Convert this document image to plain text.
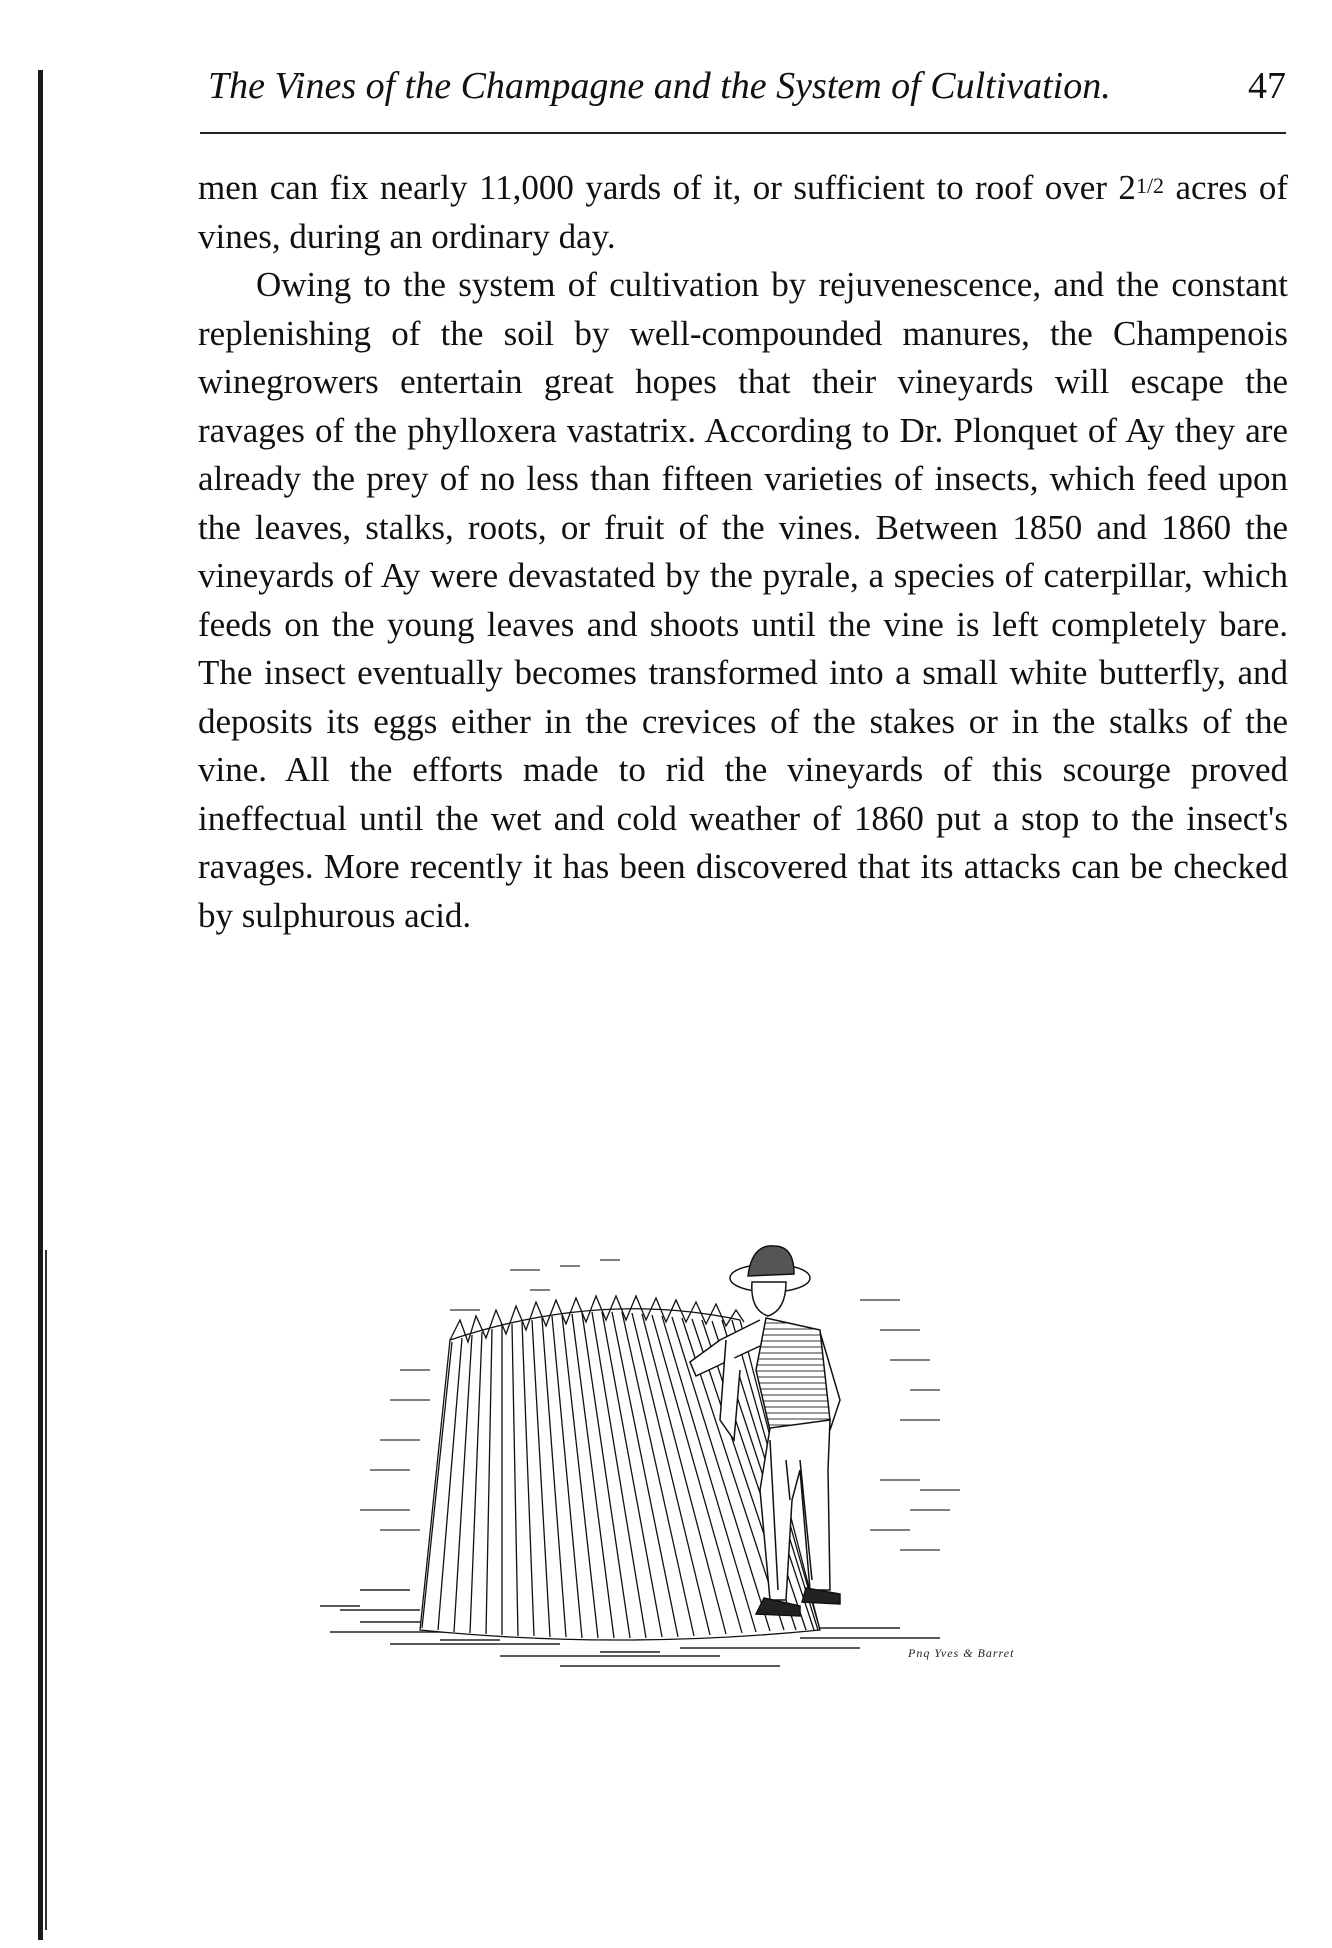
The Vines of the Champagne and the System of Cultivation.	47

men can fix nearly 11,000 yards of it, or sufficient to roof over 21/2 acres of vines, during an ordinary day.

Owing to the system of cultivation by rejuvenescence, and the constant replenishing of the soil by well-compounded manures, the Champenois winegrowers entertain great hopes that their vineyards will escape the ravages of the phylloxera vastatrix. According to Dr. Plonquet of Ay they are already the prey of no less than fifteen varieties of insects, which feed upon the leaves, stalks, roots, or fruit of the vines. Between 1850 and 1860 the vineyards of Ay were devastated by the pyrale, a species of caterpillar, which feeds on the young leaves and shoots until the vine is left completely bare. The insect eventually becomes transformed into a small white butterfly, and deposits its eggs either in the crevices of the stakes or in the stalks of the vine. All the efforts made to rid the vineyards of this scourge proved ineffectual until the wet and cold weather of 1860 put a stop to the insect's ravages. More recently it has been discovered that its attacks can be checked by sulphurous acid.

Pnq Yves & Barret
